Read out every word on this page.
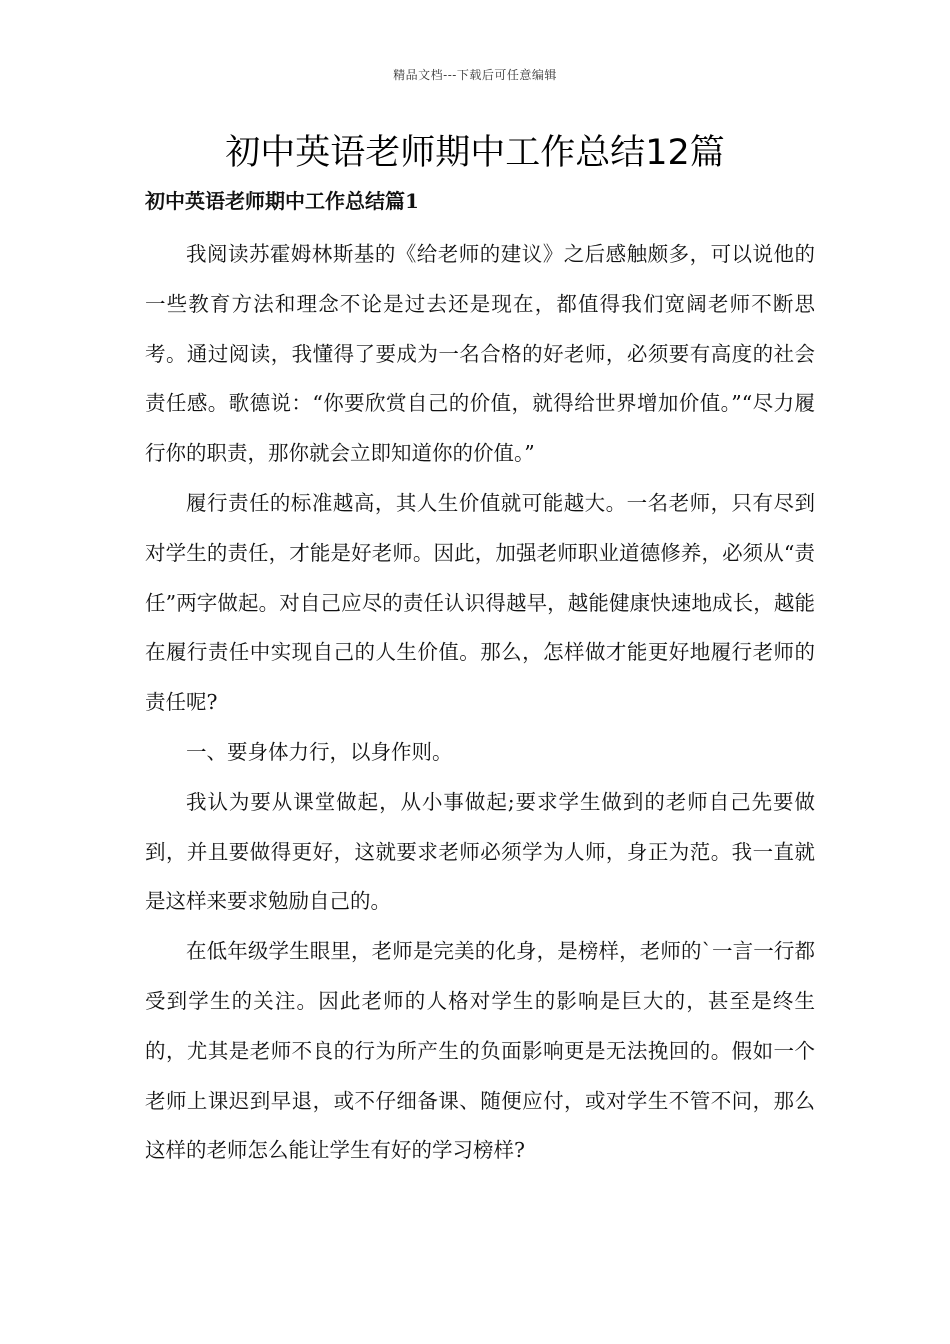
精品文档---下载后可任意编辑
初中英语老师期中工作总结12篇
初中英语老师期中工作总结篇1

我阅读苏霍姆林斯基的《给老师的建议》之后感触颇多，可以说他的一些教育方法和理念不论是过去还是现在，都值得我们宽阔老师不断思考。通过阅读，我懂得了要成为一名合格的好老师，必须要有高度的社会责任感。歌德说：“你要欣赏自己的价值，就得给世界增加价值。”“尽力履行你的职责，那你就会立即知道你的价值。”

履行责任的标准越高，其人生价值就可能越大。一名老师，只有尽到对学生的责任，才能是好老师。因此，加强老师职业道德修养，必须从“责任”两字做起。对自己应尽的责任认识得越早，越能健康快速地成长，越能在履行责任中实现自己的人生价值。那么，怎样做才能更好地履行老师的责任呢?

一、要身体力行，以身作则。

我认为要从课堂做起，从小事做起;要求学生做到的老师自己先要做到，并且要做得更好，这就要求老师必须学为人师，身正为范。我一直就是这样来要求勉励自己的。

在低年级学生眼里，老师是完美的化身，是榜样，老师的`一言一行都受到学生的关注。因此老师的人格对学生的影响是巨大的，甚至是终生的，尤其是老师不良的行为所产生的负面影响更是无法挽回的。假如一个老师上课迟到早退，或不仔细备课、随便应付，或对学生不管不问，那么这样的老师怎么能让学生有好的学习榜样?
